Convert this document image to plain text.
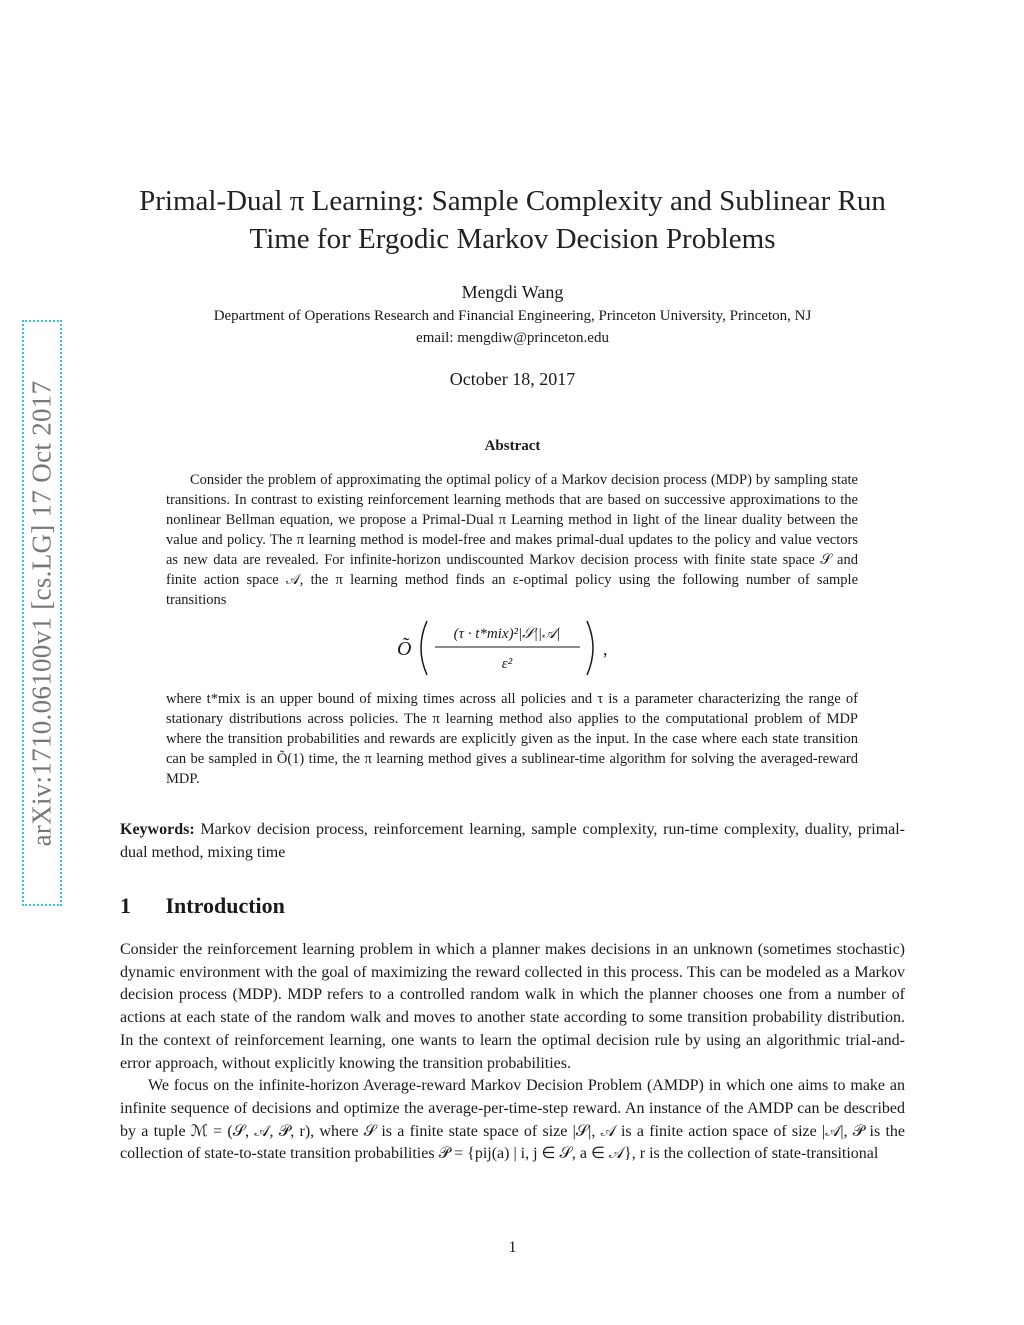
arXiv:1710.06100v1 [cs.LG] 17 Oct 2017
Primal-Dual π Learning: Sample Complexity and Sublinear Run
Time for Ergodic Markov Decision Problems
Mengdi Wang
Department of Operations Research and Financial Engineering, Princeton University, Princeton, NJ
email: mengdiw@princeton.edu
October 18, 2017
Abstract

Consider the problem of approximating the optimal policy of a Markov decision process (MDP) by sampling state transitions. In contrast to existing reinforcement learning methods that are based on successive approximations to the nonlinear Bellman equation, we propose a Primal-Dual π Learning method in light of the linear duality between the value and policy. The π learning method is model-free and makes primal-dual updates to the policy and value vectors as new data are revealed. For infinite-horizon undiscounted Markov decision process with finite state space 𝒮 and finite action space 𝒜, the π learning method finds an ε-optimal policy using the following number of sample transitions

Õ
(τ · t*mix)²|𝒮||𝒜|
ε²
,

where t*mix is an upper bound of mixing times across all policies and τ is a parameter characterizing the range of stationary distributions across policies. The π learning method also applies to the computational problem of MDP where the transition probabilities and rewards are explicitly given as the input. In the case where each state transition can be sampled in Õ(1) time, the π learning method gives a sublinear-time algorithm for solving the averaged-reward MDP.

Keywords: Markov decision process, reinforcement learning, sample complexity, run-time complexity, duality, primal-dual method, mixing time
1 Introduction

Consider the reinforcement learning problem in which a planner makes decisions in an unknown (sometimes stochastic) dynamic environment with the goal of maximizing the reward collected in this process. This can be modeled as a Markov decision process (MDP). MDP refers to a controlled random walk in which the planner chooses one from a number of actions at each state of the random walk and moves to another state according to some transition probability distribution. In the context of reinforcement learning, one wants to learn the optimal decision rule by using an algorithmic trial-and-error approach, without explicitly knowing the transition probabilities.

We focus on the infinite-horizon Average-reward Markov Decision Problem (AMDP) in which one aims to make an infinite sequence of decisions and optimize the average-per-time-step reward. An instance of the AMDP can be described by a tuple ℳ = (𝒮, 𝒜, 𝒫, r), where 𝒮 is a finite state space of size |𝒮|, 𝒜 is a finite action space of size |𝒜|, 𝒫 is the collection of state-to-state transition probabilities 𝒫 = {pij(a) | i, j ∈ 𝒮, a ∈ 𝒜}, r is the collection of state-transitional

1
